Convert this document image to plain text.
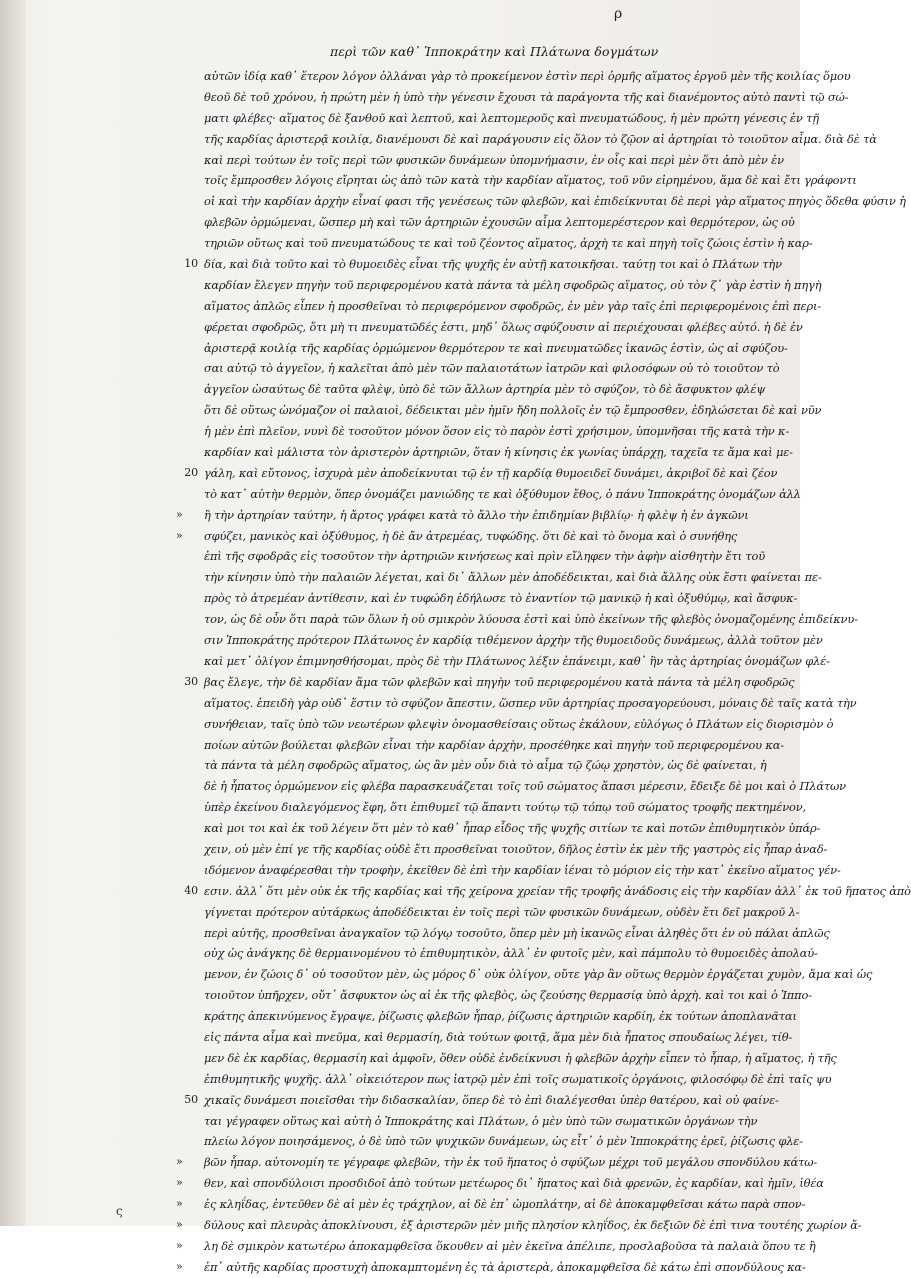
ρ
περὶ τῶν καθ᾽ Ἱπποκράτην καὶ Πλάτωνα δογμάτων
αὐτῶν ἰδίᾳ καθ᾽ ἕτερον λόγον ὁλλάναι γὰρ τὸ προκείμενον ἐστὶν περὶ ὁρμῆς αἵματος ἐργοῦ μὲν τῆς κοιλίας ὅμου
θεοῦ δὲ τοῦ χρόνου, ἡ πρώτη μὲν ἡ ὑπὸ τὴν γένεσιν ἔχουσι τὰ παράγοντα τῆς καὶ διανέμοντος αὐτὸ παντὶ τῷ σώ-
ματι φλέβες· αἵματος δὲ ξανθοῦ καὶ λεπτοῦ, καὶ λεπτομεροῦς καὶ πνευματώδους, ἡ μὲν πρώτη γένεσις ἐν τῇ
τῆς καρδίας ἀριστερᾷ κοιλίᾳ, διανέμουσι δὲ καὶ παράγουσιν εἰς ὅλον τὸ ζῷον αἱ ἀρτηρίαι τὸ τοιοῦτον αἷμα. διὰ δὲ τὰ
καὶ περὶ τούτων ἐν τοῖς περὶ τῶν φυσικῶν δυνάμεων ὑπομνήμασιν, ἐν οἷς καὶ περὶ μὲν ὅτι ἀπὸ μὲν ἐν
τοῖς ἔμπροσθεν λόγοις εἴρηται ὡς ἀπὸ τῶν κατὰ τὴν καρδίαν αἵματος, τοῦ νῦν εἰρημένου, ἅμα δὲ καὶ ἔτι γράφοντι
οἱ καὶ τὴν καρδίαν ἀρχὴν εἶναί φασι τῆς γενέσεως τῶν φλεβῶν, καὶ ἐπιδείκνυται δὲ περὶ γὰρ αἵματος πηγὸς ὅδεθα φύσιν ἡ
φλεβῶν ὁρμώμεναι, ὥσπερ μὴ καὶ τῶν ἀρτηριῶν ἐχουσῶν αἷμα λεπτομερέστερον καὶ θερμότερον, ὡς οὐ
τηριῶν οὕτως καὶ τοῦ πνευματώδους τε καὶ τοῦ ζέοντος αἵματος, ἀρχὴ τε καὶ πηγὴ τοῖς ζώοις ἐστὶν ἡ καρ-
10 δία, καὶ διὰ τοῦτο καὶ τὸ θυμοειδὲς εἶναι τῆς ψυχῆς ἐν αὐτῇ κατοικῆσαι. ταύτῃ τοι καὶ ὁ Πλάτων τὴν
καρδίαν ἔλεγεν πηγὴν τοῦ περιφερομένου κατὰ πάντα τὰ μέλη σφοδρῶς αἵματος, οὐ τὸν ζ᾽ γὰρ ἐστὶν ἡ πηγὴ
αἵματος ἁπλῶς εἶπεν ἡ προσθεῖναι τὸ περιφερόμενον σφοδρῶς, ἐν μὲν γὰρ ταῖς ἐπὶ περιφερομένοις ἐπὶ περι-
φέρεται σφοδρῶς, ὅτι μὴ τι πνευματῶδές ἐστι, μηδ᾽ ὅλως σφύζουσιν αἱ περιέχουσαι φλέβες αὐτό. ἡ δὲ ἐν
ἀριστερᾷ κοιλίᾳ τῆς καρδίας ὁρμώμενον θερμότερον τε καὶ πνευματῶδες ἱκανῶς ἐστὶν, ὡς αἱ σφύζου-
σαι αὐτῷ τὸ ἀγγεῖον, ἡ καλεῖται ἀπὸ μὲν τῶν παλαιοτάτων ἰατρῶν καὶ φιλοσόφων οὐ τὸ τοιοῦτον τὸ
ἀγγεῖον ὡσαύτως δὲ ταῦτα φλὲψ, ὑπὸ δὲ τῶν ἄλλων ἀρτηρία μὲν τὸ σφύζον, τὸ δὲ ἄσφυκτον φλέψ
ὅτι δὲ οὕτως ὠνόμαζον οἱ παλαιοὶ, δέδεικται μὲν ἡμῖν ἤδη πολλοῖς ἐν τῷ ἔμπροσθεν, ἐδηλώσεται δὲ καὶ νῦν
ἡ μὲν ἐπὶ πλεῖον, νυνὶ δὲ τοσοῦτον μόνον ὅσον εἰς τὸ παρὸν ἐστὶ χρήσιμον, ὑπομνῆσαι τῆς κατὰ τὴν κ-
καρδίαν καὶ μάλιστα τὸν ἀριστερὸν ἀρτηριῶν, ὅταν ἡ κίνησις ἐκ γωνίας ὑπάρχῃ, ταχεῖα τε ἅμα καὶ με-
20 γάλη, καὶ εὔτονος, ἰσχυρὰ μὲν ἀποδείκνυται τῷ ἐν τῇ καρδίᾳ θυμοειδεῖ δυνάμει, ἀκριβοῖ δὲ καὶ ζέον
τὸ κατ᾽ αὐτὴν θερμὸν, ὅπερ ὀνομάζει μανιώδης τε καὶ ὀξύθυμον ἔθος, ὁ πάνυ Ἱπποκράτης ὀνομάζων ἀλλ
» ἢ τὴν ἀρτηρίαν ταύτην, ἡ ἄρτος γράφει κατὰ τὸ ἄλλο τὴν ἐπιδημίαν βιβλίῳ· ἡ φλὲψ ἡ ἐν ἀγκῶνι
» σφύζει, μανικὸς καὶ ὀξύθυμος, ἡ δὲ ἄν ἀτρεμέας, τυφώδης. ὅτι δὲ καὶ τὸ ὄνομα καὶ ὁ συνήθης
ἐπὶ τῆς σφοδρᾶς εἰς τοσοῦτον τὴν ἀρτηριῶν κινήσεως καὶ πρὶν εἴληφεν τὴν ἀφὴν αἰσθητὴν ἔτι τοῦ
τὴν κίνησιν ὑπὸ τὴν παλαιῶν λέγεται, καὶ δι᾽ ἄλλων μὲν ἀποδέδεικται, καὶ διὰ ἄλλης οὐκ ἔστι φαίνεται πε-
πρὸς τὸ ἀτρεμέαν ἀντίθεσιν, καὶ ἐν τυφώδη ἐδήλωσε τὸ ἐναντίον τῷ μανικῷ ἡ καὶ ὀξυθύμῳ, καὶ ἄσφυκ-
τον, ὡς δὲ οὖν ὅτι παρὰ τῶν ὅλων ἡ οὐ σμικρὸν λύουσα ἐστὶ καὶ ὑπὸ ἐκείνων τῆς φλεβὸς ὀνομαζομένης ἐπιδείκνυ-
σιν Ἱπποκράτης πρότερον Πλάτωνος ἐν καρδίᾳ τιθέμενον ἀρχὴν τῆς θυμοειδοῦς δυνάμεως, ἀλλὰ τοῦτον μὲν
καὶ μετ᾽ ὀλίγον ἐπιμνησθήσομαι, πρὸς δὲ τὴν Πλάτωνος λέξιν ἐπάνειμι, καθ᾽ ἣν τὰς ἀρτηρίας ὀνομάζων φλέ-
30 βας ἔλεγε, τὴν δὲ καρδίαν ἅμα τῶν φλεβῶν καὶ πηγὴν τοῦ περιφερομένου κατὰ πάντα τὰ μέλη σφοδρῶς
αἵματος. ἐπειδὴ γὰρ οὐδ᾽ ἔστιν τὸ σφύζον ἄπεστιν, ὥσπερ νῦν ἀρτηρίας προσαγορεύουσι, μόναις δὲ ταῖς κατὰ τὴν
συνήθειαν, ταῖς ὑπὸ τῶν νεωτέρων φλεψὶν ὀνομασθείσαις οὕτως ἐκάλουν, εὐλόγως ὁ Πλάτων εἰς διορισμὸν ὁ
ποίων αὐτῶν βούλεται φλεβῶν εἶναι τὴν καρδίαν ἀρχὴν, προσέθηκε καὶ πηγὴν τοῦ περιφερομένου κα-
τὰ πάντα τὰ μέλη σφοδρῶς αἵματος, ὡς ἂν μὲν οὖν διὰ τὸ αἷμα τῷ ζώῳ χρηστὸν, ὡς δὲ φαίνεται, ἡ
δὲ ἡ ἧπατος ὁρμώμενον εἰς φλέβα παρασκευάζεται τοῖς τοῦ σώματος ἅπασι μέρεσιν, ἔδειξε δὲ μοι καὶ ὁ Πλάτων
ὑπὲρ ἐκείνου διαλεγόμενος ἔφη, ὅτι ἐπιθυμεῖ τῷ ἅπαντι τούτῳ τῷ τόπῳ τοῦ σώματος τροφῆς πεκτημένον,
καὶ μοι τοι καὶ ἐκ τοῦ λέγειν ὅτι μὲν τὸ καθ᾽ ἧπαρ εἶδος τῆς ψυχῆς σιτίων τε καὶ ποτῶν ἐπιθυμητικὸν ὑπάρ-
χειν, οὐ μὲν ἐπί γε τῆς καρδίας οὐδὲ ἔτι προσθεῖναι τοιοῦτον, δῆλος ἐστὶν ἐκ μὲν τῆς γαστρὸς εἰς ἧπαρ ἀναδ-
ιδόμενον ἀναφέρεσθαι τὴν τροφὴν, ἐκεῖθεν δὲ ἐπὶ τὴν καρδίαν ἰέναι τὸ μόριον εἰς τὴν κατ᾽ ἐκεῖνο αἵματος γέν-
40 εσιν. ἀλλ᾽ ὅτι μὲν οὐκ ἐκ τῆς καρδίας καὶ τῆς χείρονα χρείαν τῆς τροφῆς ἀνάδοσις εἰς τὴν καρδίαν ἀλλ᾽ ἐκ τοῦ ἥπατος ἀπὸ
γίγνεται πρότερον αὐτάρκως ἀποδέδεικται ἐν τοῖς περὶ τῶν φυσικῶν δυνάμεων, οὐδὲν ἔτι δεῖ μακροῦ λ-
περὶ αὐτῆς, προσθεῖναι ἀναγκαῖον τῷ λόγῳ τοσοῦτο, ὅπερ μὲν μὴ ἱκανῶς εἶναι ἀληθὲς ὅτι ἐν οὐ πάλαι ἀπλῶς
οὐχ ὡς ἀνάγκης δὲ θερμαινομένου τὸ ἐπιθυμητικὸν, ἀλλ᾽ ἐν φυτοῖς μὲν, καὶ πάμπολυ τὸ θυμοειδὲς ἀπολαύ-
μενον, ἐν ζώοις δ᾽ οὐ τοσοῦτον μὲν, ὡς μόρος δ᾽ οὐκ ὀλίγον, οὔτε γὰρ ἂν οὕτως θερμὸν ἐργάζεται χυμὸν, ἅμα καὶ ὡς
τοιοῦτον ὑπῆρχεν, οὔτ᾽ ἄσφυκτον ὡς αἱ ἐκ τῆς φλεβὸς, ὡς ζεούσης θερμασίᾳ ὑπὸ ἀρχὴ. καὶ τοι καὶ ὁ Ἱππο-
κράτης ἀπεκινύμενος ἔγραψε, ῥίζωσις φλεβῶν ἧπαρ, ῥίζωσις ἀρτηριῶν καρδίη, ἐκ τούτων ἀποπλανᾶται
εἰς πάντα αἷμα καὶ πνεῦμα, καὶ θερμασίη, διὰ τούτων φοιτᾷ, ἅμα μὲν διὰ ἧπατος σπουδαίως λέγει, τίθ-
μεν δὲ ἐκ καρδίας, θερμασίη καὶ ἀμφοῖν, ὅθεν οὐδὲ ἐνδείκνυσι ἡ φλεβῶν ἀρχὴν εἶπεν τὸ ἧπαρ, ἡ αἵματος, ἡ τῆς
ἐπιθυμητικῆς ψυχῆς. ἀλλ᾽ οἰκειότερον πως ἰατρῷ μὲν ἐπὶ τοῖς σωματικοῖς ὀργάνοις, φιλοσόφῳ δὲ ἐπὶ ταῖς ψυ
50 χικαῖς δυνάμεσι ποιεῖσθαι τὴν διδασκαλίαν, ὅπερ δὲ τὸ ἐπὶ διαλέγεσθαι ὑπὲρ θατέρου, καὶ οὐ φαίνε-
ται γέγραφεν οὕτως καὶ αὐτὴ ὁ Ἱπποκράτης καὶ Πλάτων, ὁ μὲν ὑπὸ τῶν σωματικῶν ὀργάνων τὴν
πλείω λόγον ποιησάμενος, ὁ δὲ ὑπὸ τῶν ψυχικῶν δυνάμεων, ὡς εἶτ᾽ ὁ μὲν Ἱπποκράτης ἐρεῖ, ῥίζωσις φλε-
» βῶν ἧπαρ. αὐτονομίη τε γέγραφε φλεβῶν, τὴν ἐκ τοῦ ἥπατος ὁ σφύζων μέχρι τοῦ μεγάλου σπονδύλου κάτω-
» θεν, καὶ σπονδύλοισι προσδιδοῖ ἀπὸ τούτων μετέωρος δι᾽ ἥπατος καὶ διὰ φρενῶν, ἐς καρδίαν, καὶ ἡμῖν, ἰθέα
» ἐς κληΐδας, ἐντεῦθεν δὲ αἱ μὲν ἐς τράχηλον, αἱ δὲ ἐπ᾽ ὠμοπλάτην, αἱ δὲ ἀποκαμφθεῖσαι κάτω παρὰ σπον-
» δύλους καὶ πλευρὰς ἀποκλίνουσι, ἐξ ἀριστερῶν μὲν μιῆς πλησίον κληΐδος, ἐκ δεξιῶν δὲ ἐπὶ τινα τουτέης χωρίον ἄ-
» λη δὲ σμικρὸν κατωτέρω ἀποκαμφθεῖσα ὅκουθεν αἱ μὲν ἐκεῖνα ἀπέλιπε, προσλαβοῦσα τὰ παλαιὰ ὅπου τε ἢ
» ἐπ᾽ αὐτῆς καρδίας προστυχὴ ἀποκαμπτομένη ἐς τὰ ἀριστερὰ, ἀποκαμφθεῖσα δὲ κάτω ἐπὶ σπονδύλους κα-
ς
